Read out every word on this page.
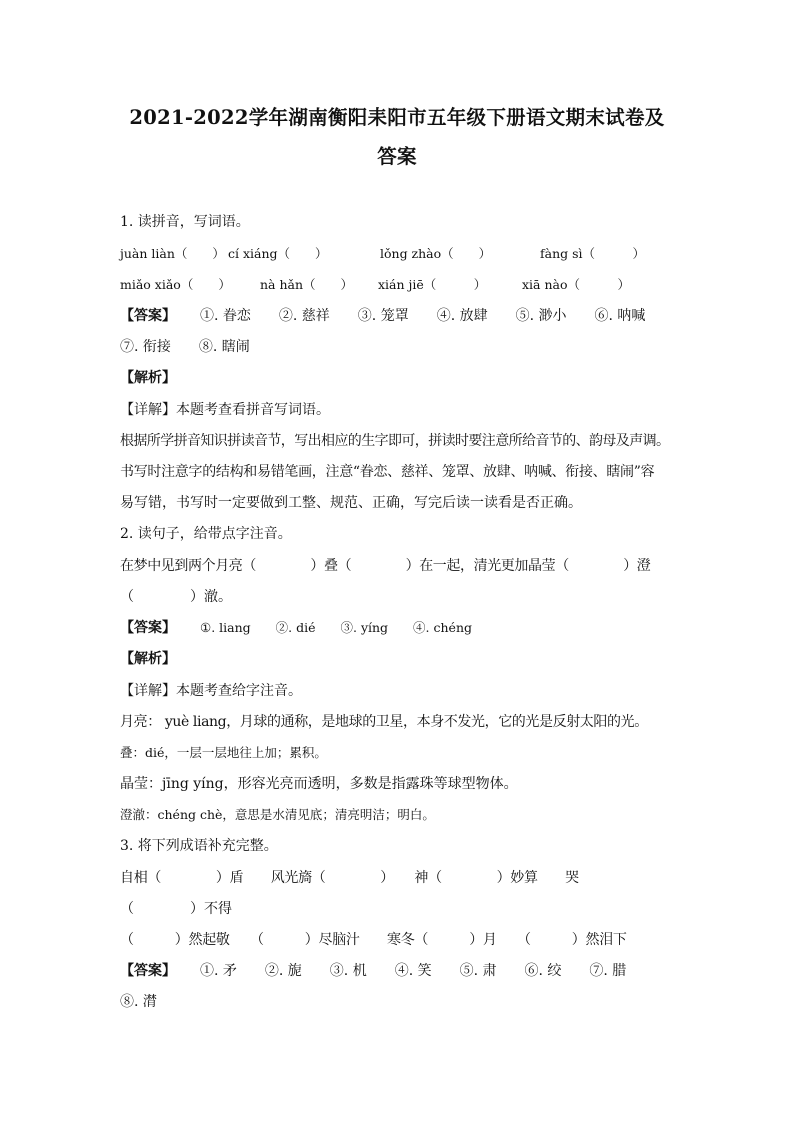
2021-2022学年湖南衡阳耒阳市五年级下册语文期末试卷及
答案
1. 读拼音，写词语。
juàn liàn（　　） cí xiáng（　　）	lǒng zhào（　　）	fàng sì（　　　）
miǎo xiǎo（　　） nà hǎn（　　） xián jiē（　　　）	xiā nào（　　　）
【答案】 ①. 眷恋　　②. 慈祥　　③. 笼罩　　④. 放肆　　⑤. 渺小　　⑥. 呐喊
⑦. 衔接　　⑧. 瞎闹
【解析】
【详解】本题考查看拼音写词语。
根据所学拼音知识拼读音节，写出相应的生字即可，拼读时要注意所给音节的、韵母及声调。
书写时注意字的结构和易错笔画，注意“眷恋、慈祥、笼罩、放肆、呐喊、衔接、瞎闹”容
易写错，书写时一定要做到工整、规范、正确，写完后读一读看是否正确。
2. 读句子，给带点字注音。
在梦中见到两个月亮（　　　　）叠（　　　　）在一起，清光更加晶莹（　　　　）澄
（　　　　）澈。
【答案】 ①. liang　　②. dié　　③. yíng　　④. chéng
【解析】
【详解】本题考查给字注音。
月亮： yuè liang，月球的通称，是地球的卫星，本身不发光，它的光是反射太阳的光。
叠：dié，一层一层地往上加；累积。
晶莹：jīng yíng，形容光亮而透明，多数是指露珠等球型物体。
澄澈：chéng chè，意思是水清见底；清亮明洁；明白。
3. 将下列成语补充完整。
自相（　　　　）盾　　风光旖（　　　　）　　神（　　　　）妙算　　哭
（　　　　）不得
（　　　）然起敬　　（　　　）尽脑汁　　寒冬（　　　）月　　（　　　）然泪下
【答案】 ①. 矛　　②. 旎　　③. 机　　④. 笑　　⑤. 肃　　⑥. 绞　　⑦. 腊
⑧. 潸
